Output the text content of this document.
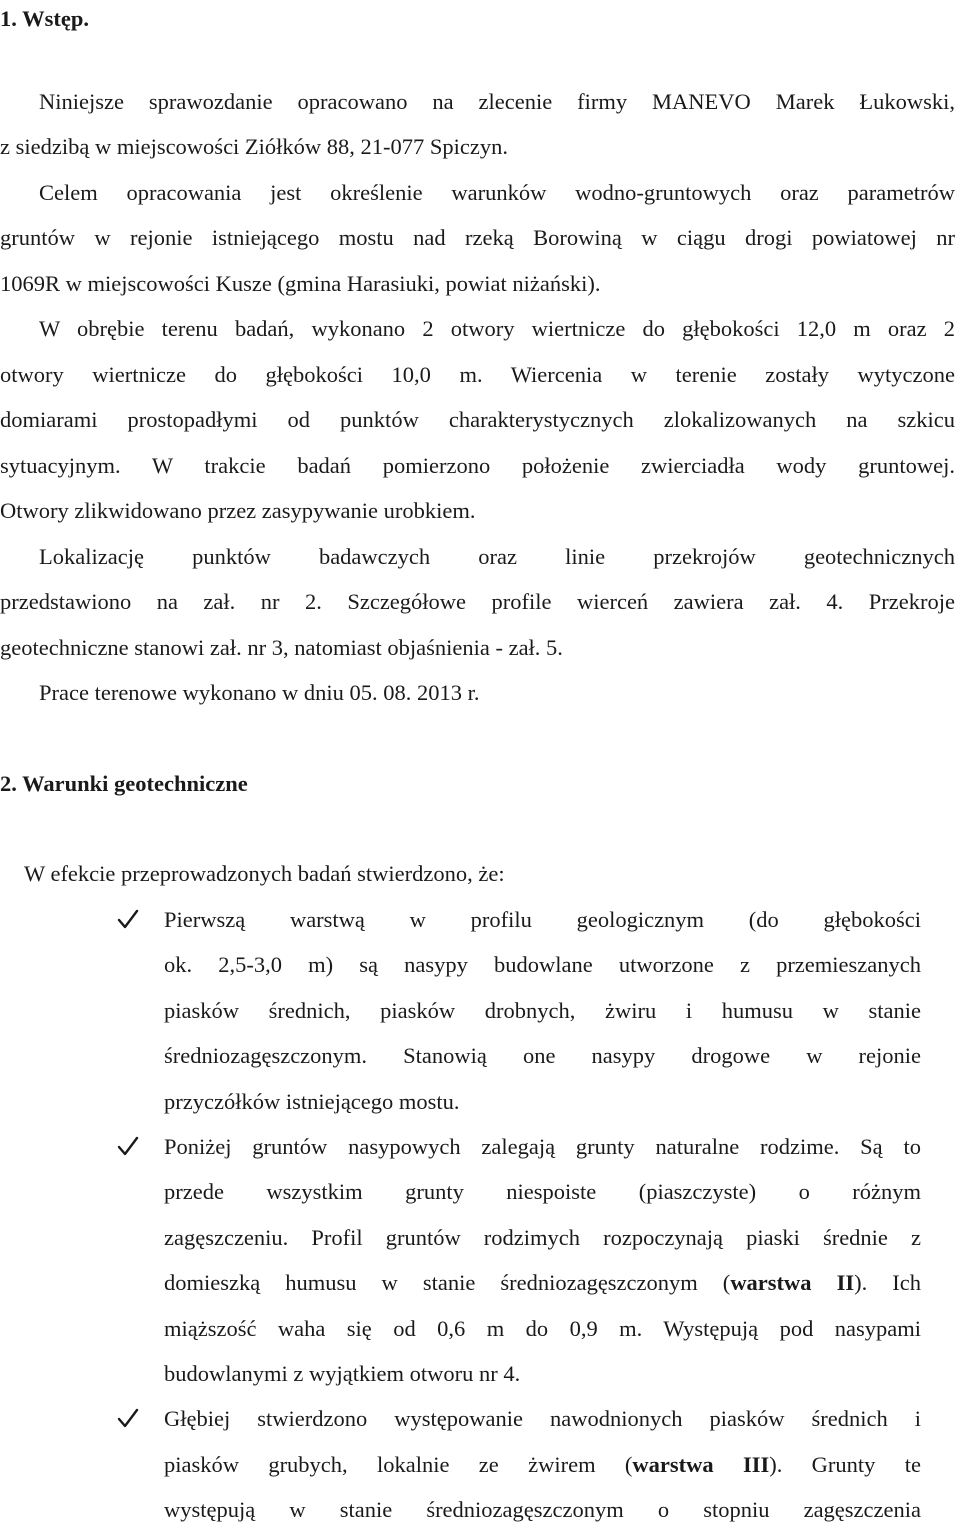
1. Wstęp.
Niniejsze sprawozdanie opracowano na zlecenie firmy MANEVO Marek Łukowski,
z siedzibą w miejscowości Ziółków 88, 21-077 Spiczyn.
Celem opracowania jest określenie warunków wodno-gruntowych oraz parametrów
gruntów w rejonie istniejącego mostu nad rzeką Borowiną w ciągu drogi powiatowej nr
1069R w miejscowości Kusze (gmina Harasiuki, powiat niżański).
W obrębie terenu badań, wykonano 2 otwory wiertnicze do głębokości 12,0 m oraz 2
otwory wiertnicze do głębokości 10,0 m. Wiercenia w terenie zostały wytyczone
domiarami prostopadłymi od punktów charakterystycznych zlokalizowanych na szkicu
sytuacyjnym. W trakcie badań pomierzono położenie zwierciadła wody gruntowej.
Otwory zlikwidowano przez zasypywanie urobkiem.
Lokalizację punktów badawczych oraz linie przekrojów geotechnicznych
przedstawiono na zał. nr 2. Szczegółowe profile wierceń zawiera zał. 4. Przekroje
geotechniczne stanowi zał. nr 3, natomiast objaśnienia - zał. 5.
Prace terenowe wykonano w dniu 05. 08. 2013 r.
2. Warunki geotechniczne
W efekcie przeprowadzonych badań stwierdzono, że:
Pierwszą warstwą w profilu geologicznym (do głębokości
ok. 2,5-3,0 m) są nasypy budowlane utworzone z przemieszanych
piasków średnich, piasków drobnych, żwiru i humusu w stanie
średniozagęszczonym. Stanowią one nasypy drogowe w rejonie
przyczółków istniejącego mostu.
Poniżej gruntów nasypowych zalegają grunty naturalne rodzime. Są to
przede wszystkim grunty niespoiste (piaszczyste) o różnym
zagęszczeniu. Profil gruntów rodzimych rozpoczynają piaski średnie z
domieszką humusu w stanie średniozagęszczonym (warstwa II). Ich
miąższość waha się od 0,6 m do 0,9 m. Występują pod nasypami
budowlanymi z wyjątkiem otworu nr 4.
Głębiej stwierdzono występowanie nawodnionych piasków średnich i
piasków grubych, lokalnie ze żwirem (warstwa III). Grunty te
występują w stanie średniozagęszczonym o stopniu zagęszczenia
